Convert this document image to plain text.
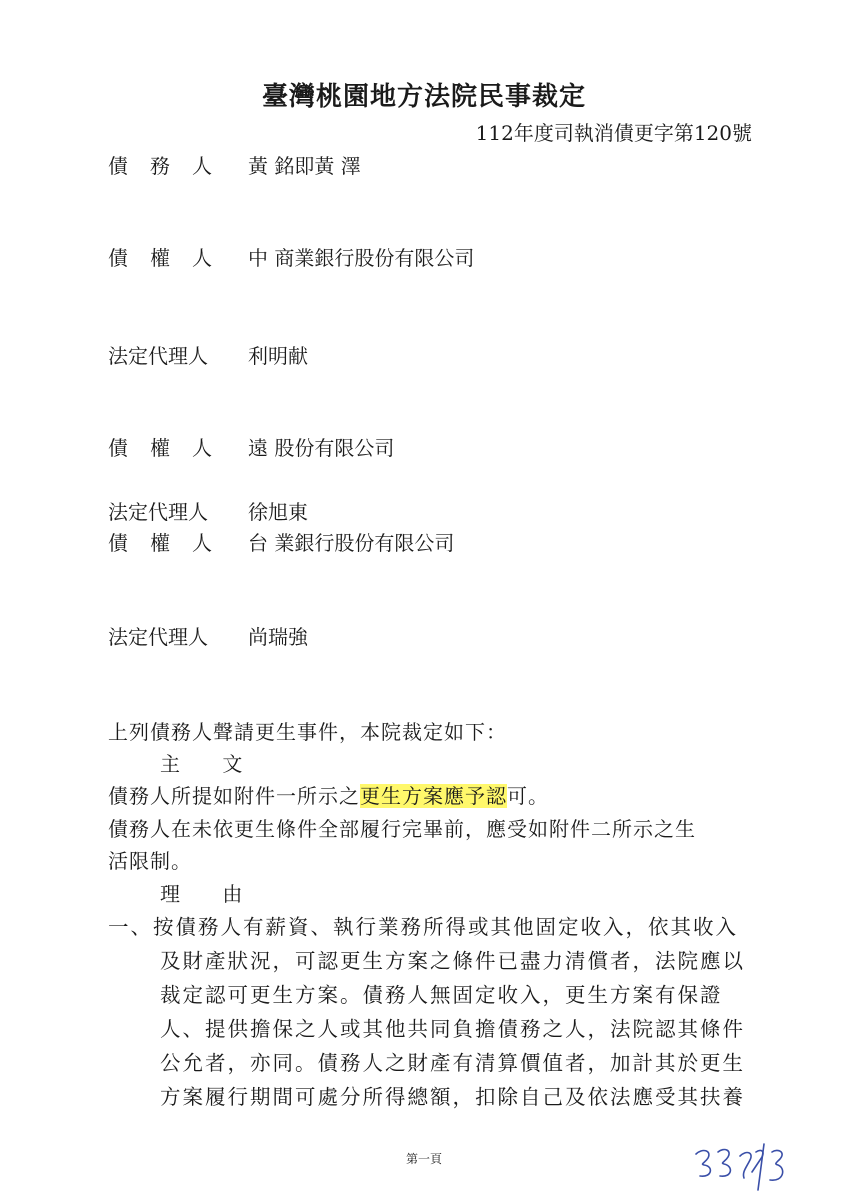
臺灣桃園地方法院民事裁定
112年度司執消債更字第120號
債務人 黃 銘即黃 澤
債權人 中 商業銀行股份有限公司
法定代理人 利明献
債權人 遠 股份有限公司
法定代理人 徐旭東
債權人 台 業銀行股份有限公司
法定代理人 尚瑞強
上列債務人聲請更生事件，本院裁定如下：
主 文
債務人所提如附件一所示之更生方案應予認可。
債務人在未依更生條件全部履行完畢前，應受如附件二所示之生
活限制。
理 由
一、按債務人有薪資、執行業務所得或其他固定收入，依其收入
及財產狀況，可認更生方案之條件已盡力清償者，法院應以
裁定認可更生方案。債務人無固定收入，更生方案有保證
人、提供擔保之人或其他共同負擔債務之人，法院認其條件
公允者，亦同。債務人之財產有清算價值者，加計其於更生
方案履行期間可處分所得總額，扣除自己及依法應受其扶養
第一頁
